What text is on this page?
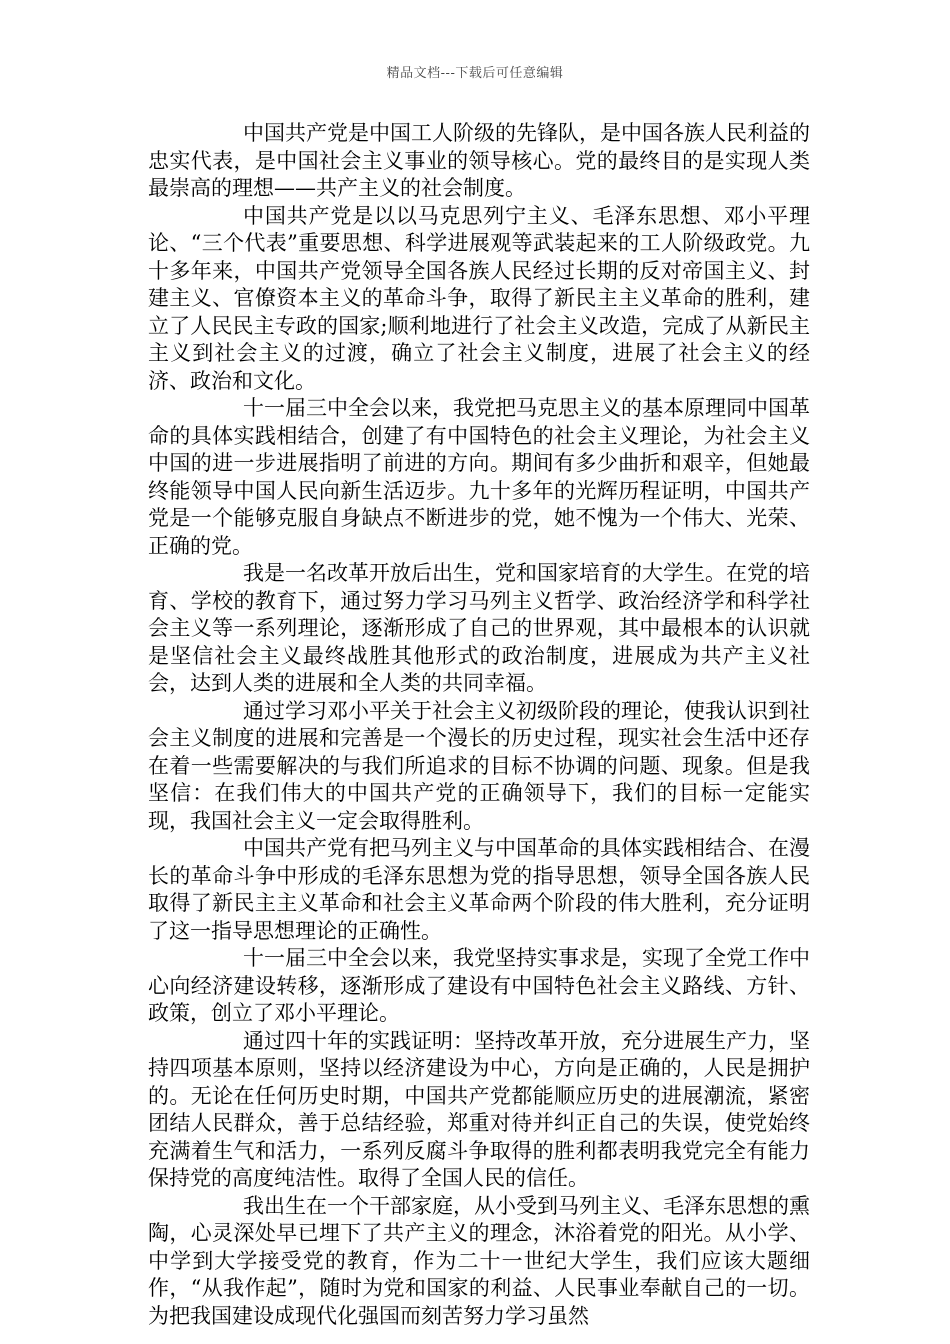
精品文档---下载后可任意编辑

中国共产党是中国工人阶级的先锋队，是中国各族人民利益的忠实代表，是中国社会主义事业的领导核心。党的最终目的是实现人类最崇高的理想——共产主义的社会制度。

中国共产党是以以马克思列宁主义、毛泽东思想、邓小平理论、“三个代表”重要思想、科学进展观等武装起来的工人阶级政党。九十多年来，中国共产党领导全国各族人民经过长期的反对帝国主义、封建主义、官僚资本主义的革命斗争，取得了新民主主义革命的胜利，建立了人民民主专政的国家;顺利地进行了社会主义改造，完成了从新民主主义到社会主义的过渡，确立了社会主义制度，进展了社会主义的经济、政治和文化。

十一届三中全会以来，我党把马克思主义的基本原理同中国革命的具体实践相结合，创建了有中国特色的社会主义理论，为社会主义中国的进一步进展指明了前进的方向。期间有多少曲折和艰辛，但她最终能领导中国人民向新生活迈步。九十多年的光辉历程证明，中国共产党是一个能够克服自身缺点不断进步的党，她不愧为一个伟大、光荣、正确的党。

我是一名改革开放后出生，党和国家培育的大学生。在党的培育、学校的教育下，通过努力学习马列主义哲学、政治经济学和科学社会主义等一系列理论，逐渐形成了自己的世界观，其中最根本的认识就是坚信社会主义最终战胜其他形式的政治制度，进展成为共产主义社会，达到人类的进展和全人类的共同幸福。

通过学习邓小平关于社会主义初级阶段的理论，使我认识到社会主义制度的进展和完善是一个漫长的历史过程，现实社会生活中还存在着一些需要解决的与我们所追求的目标不协调的问题、现象。但是我坚信：在我们伟大的中国共产党的正确领导下，我们的目标一定能实现，我国社会主义一定会取得胜利。

中国共产党有把马列主义与中国革命的具体实践相结合、在漫长的革命斗争中形成的毛泽东思想为党的指导思想，领导全国各族人民取得了新民主主义革命和社会主义革命两个阶段的伟大胜利，充分证明了这一指导思想理论的正确性。

十一届三中全会以来，我党坚持实事求是，实现了全党工作中心向经济建设转移，逐渐形成了建设有中国特色社会主义路线、方针、政策，创立了邓小平理论。

通过四十年的实践证明：坚持改革开放，充分进展生产力，坚持四项基本原则，坚持以经济建设为中心，方向是正确的，人民是拥护的。无论在任何历史时期，中国共产党都能顺应历史的进展潮流，紧密团结人民群众，善于总结经验，郑重对待并纠正自己的失误，使党始终充满着生气和活力，一系列反腐斗争取得的胜利都表明我党完全有能力保持党的高度纯洁性。取得了全国人民的信任。

我出生在一个干部家庭，从小受到马列主义、毛泽东思想的熏陶，心灵深处早已埋下了共产主义的理念，沐浴着党的阳光。从小学、中学到大学接受党的教育，作为二十一世纪大学生，我们应该大题细作，“从我作起”，随时为党和国家的利益、人民事业奉献自己的一切。为把我国建设成现代化强国而刻苦努力学习虽然
